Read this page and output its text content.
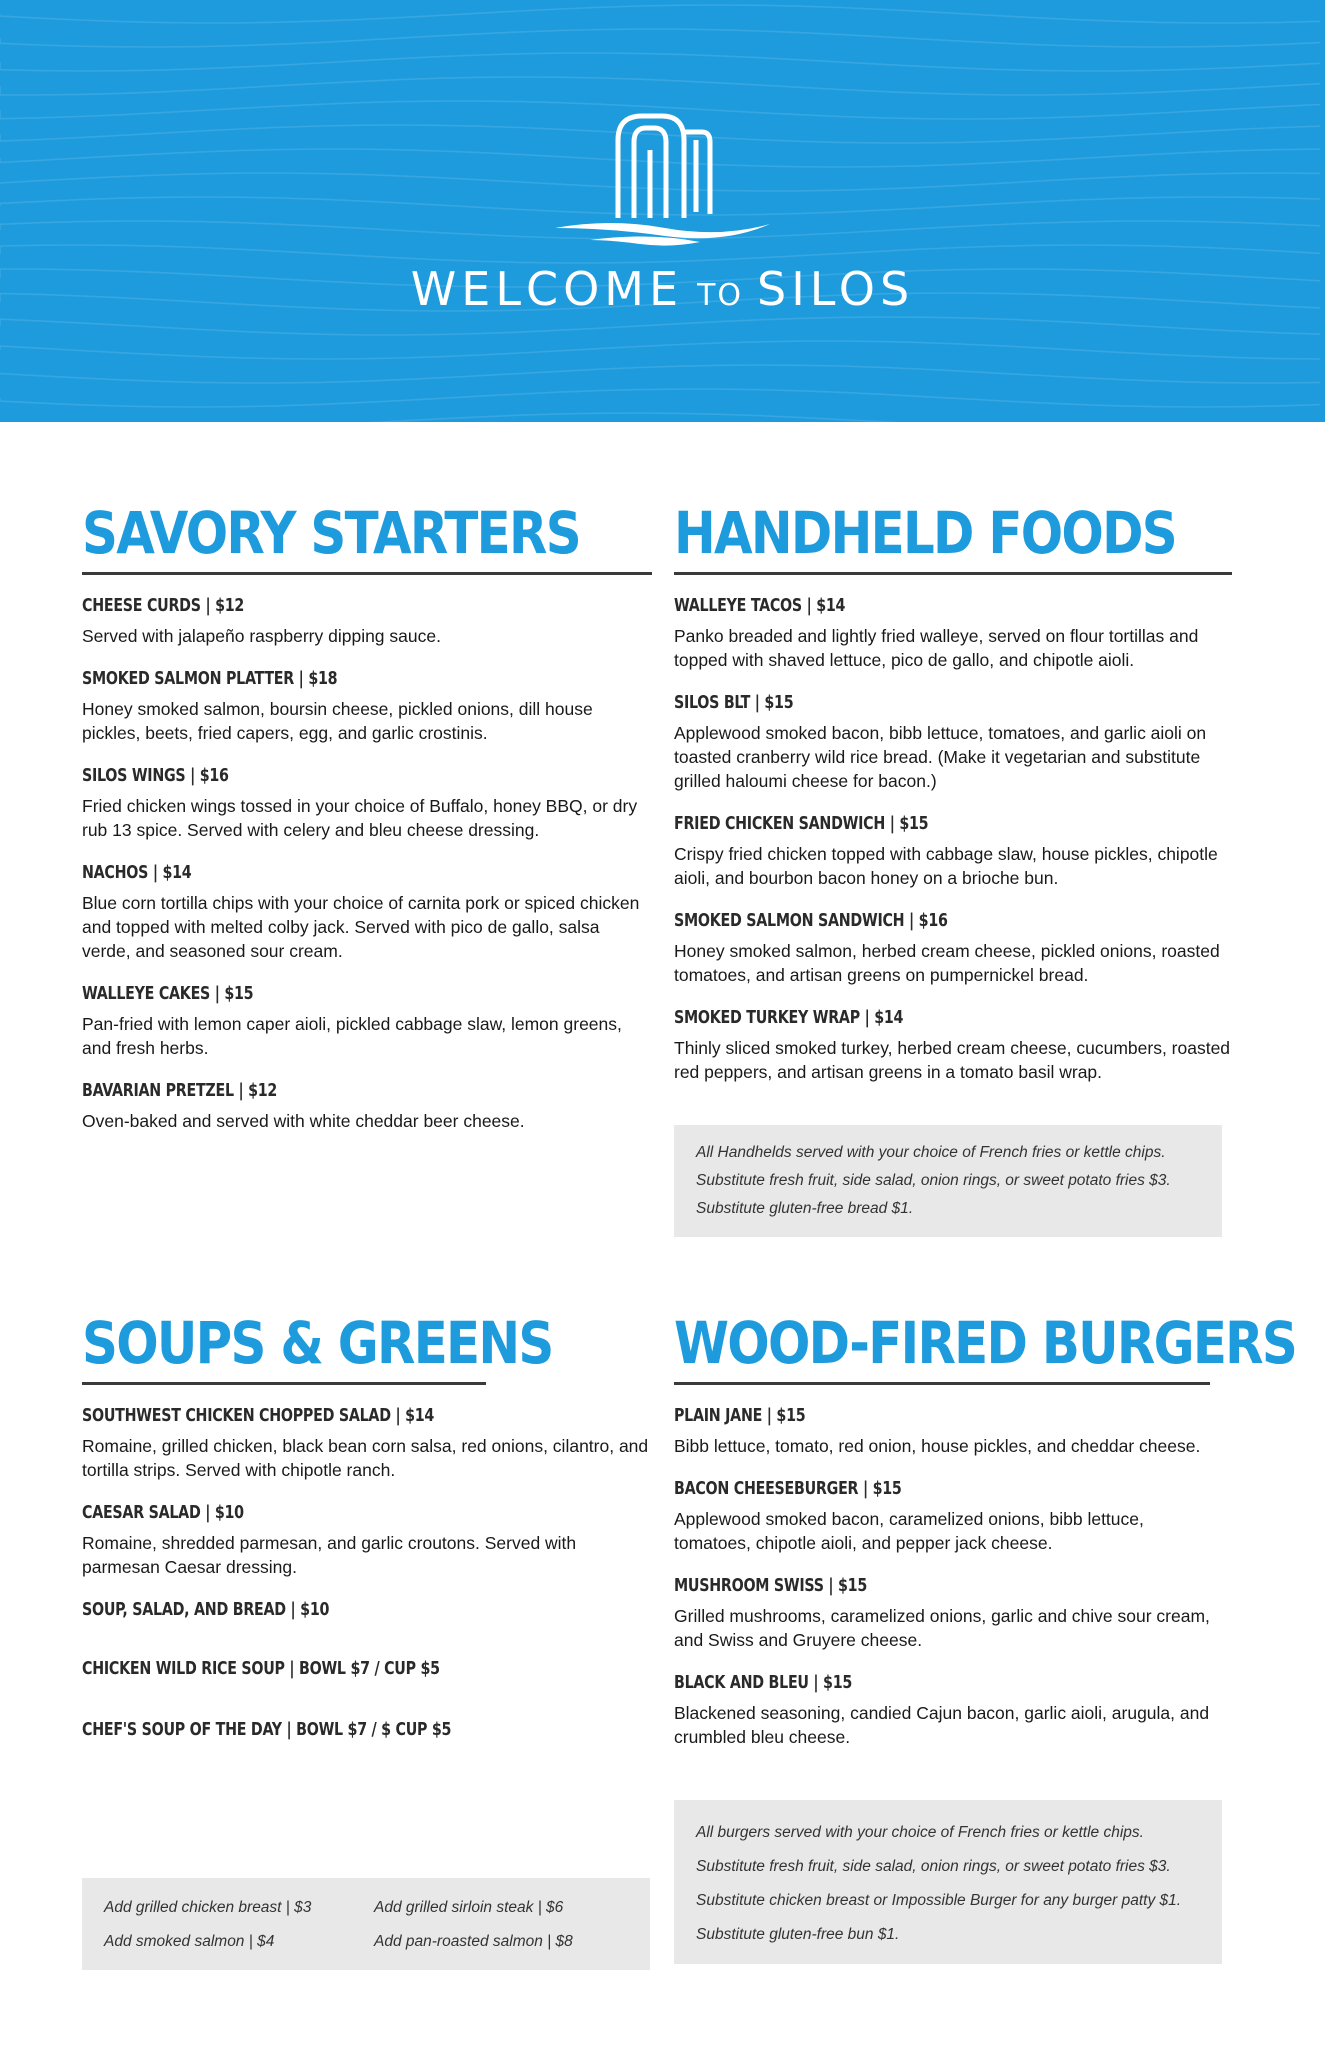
WELCOME TO SILOS
SAVORY STARTERS
CHEESE CURDS | $12
Served with jalapeño raspberry dipping sauce.
SMOKED SALMON PLATTER | $18
Honey smoked salmon, boursin cheese, pickled onions, dill house pickles, beets, fried capers, egg, and garlic crostinis.
SILOS WINGS | $16
Fried chicken wings tossed in your choice of Buffalo, honey BBQ, or dry rub 13 spice. Served with celery and bleu cheese dressing.
NACHOS | $14
Blue corn tortilla chips with your choice of carnita pork or spiced chicken and topped with melted colby jack. Served with pico de gallo, salsa verde, and seasoned sour cream.
WALLEYE CAKES | $15
Pan-fried with lemon caper aioli, pickled cabbage slaw, lemon greens, and fresh herbs.
BAVARIAN PRETZEL | $12
Oven-baked and served with white cheddar beer cheese.
HANDHELD FOODS
WALLEYE TACOS | $14
Panko breaded and lightly fried walleye, served on flour tortillas and topped with shaved lettuce, pico de gallo, and chipotle aioli.
SILOS BLT | $15
Applewood smoked bacon, bibb lettuce, tomatoes, and garlic aioli on toasted cranberry wild rice bread. (Make it vegetarian and substitute grilled haloumi cheese for bacon.)
FRIED CHICKEN SANDWICH | $15
Crispy fried chicken topped with cabbage slaw, house pickles, chipotle aioli, and bourbon bacon honey on a brioche bun.
SMOKED SALMON SANDWICH | $16
Honey smoked salmon, herbed cream cheese, pickled onions, roasted tomatoes, and artisan greens on pumpernickel bread.
SMOKED TURKEY WRAP | $14
Thinly sliced smoked turkey, herbed cream cheese, cucumbers, roasted red peppers, and artisan greens in a tomato basil wrap.

All Handhelds served with your choice of French fries or kettle chips.

Substitute fresh fruit, side salad, onion rings, or sweet potato fries $3.

Substitute gluten-free bread $1.

SOUPS & GREENS
SOUTHWEST CHICKEN CHOPPED SALAD | $14
Romaine, grilled chicken, black bean corn salsa, red onions, cilantro, and tortilla strips. Served with chipotle ranch.
CAESAR SALAD | $10
Romaine, shredded parmesan, and garlic croutons. Served with parmesan Caesar dressing.
SOUP, SALAD, AND BREAD | $10
CHICKEN WILD RICE SOUP | BOWL $7 / CUP $5
CHEF'S SOUP OF THE DAY | BOWL $7 / $ CUP $5

Add grilled chicken breast | $3	Add grilled sirloin steak | $6

Add smoked salmon | $4	Add pan-roasted salmon | $8

WOOD-FIRED BURGERS
PLAIN JANE | $15
Bibb lettuce, tomato, red onion, house pickles, and cheddar cheese.
BACON CHEESEBURGER | $15
Applewood smoked bacon, caramelized onions, bibb lettuce, tomatoes, chipotle aioli, and pepper jack cheese.
MUSHROOM SWISS | $15
Grilled mushrooms, caramelized onions, garlic and chive sour cream, and Swiss and Gruyere cheese.
BLACK AND BLEU | $15
Blackened seasoning, candied Cajun bacon, garlic aioli, arugula, and crumbled bleu cheese.

All burgers served with your choice of French fries or kettle chips.

Substitute fresh fruit, side salad, onion rings, or sweet potato fries $3.

Substitute chicken breast or Impossible Burger for any burger patty $1.

Substitute gluten-free bun $1.
